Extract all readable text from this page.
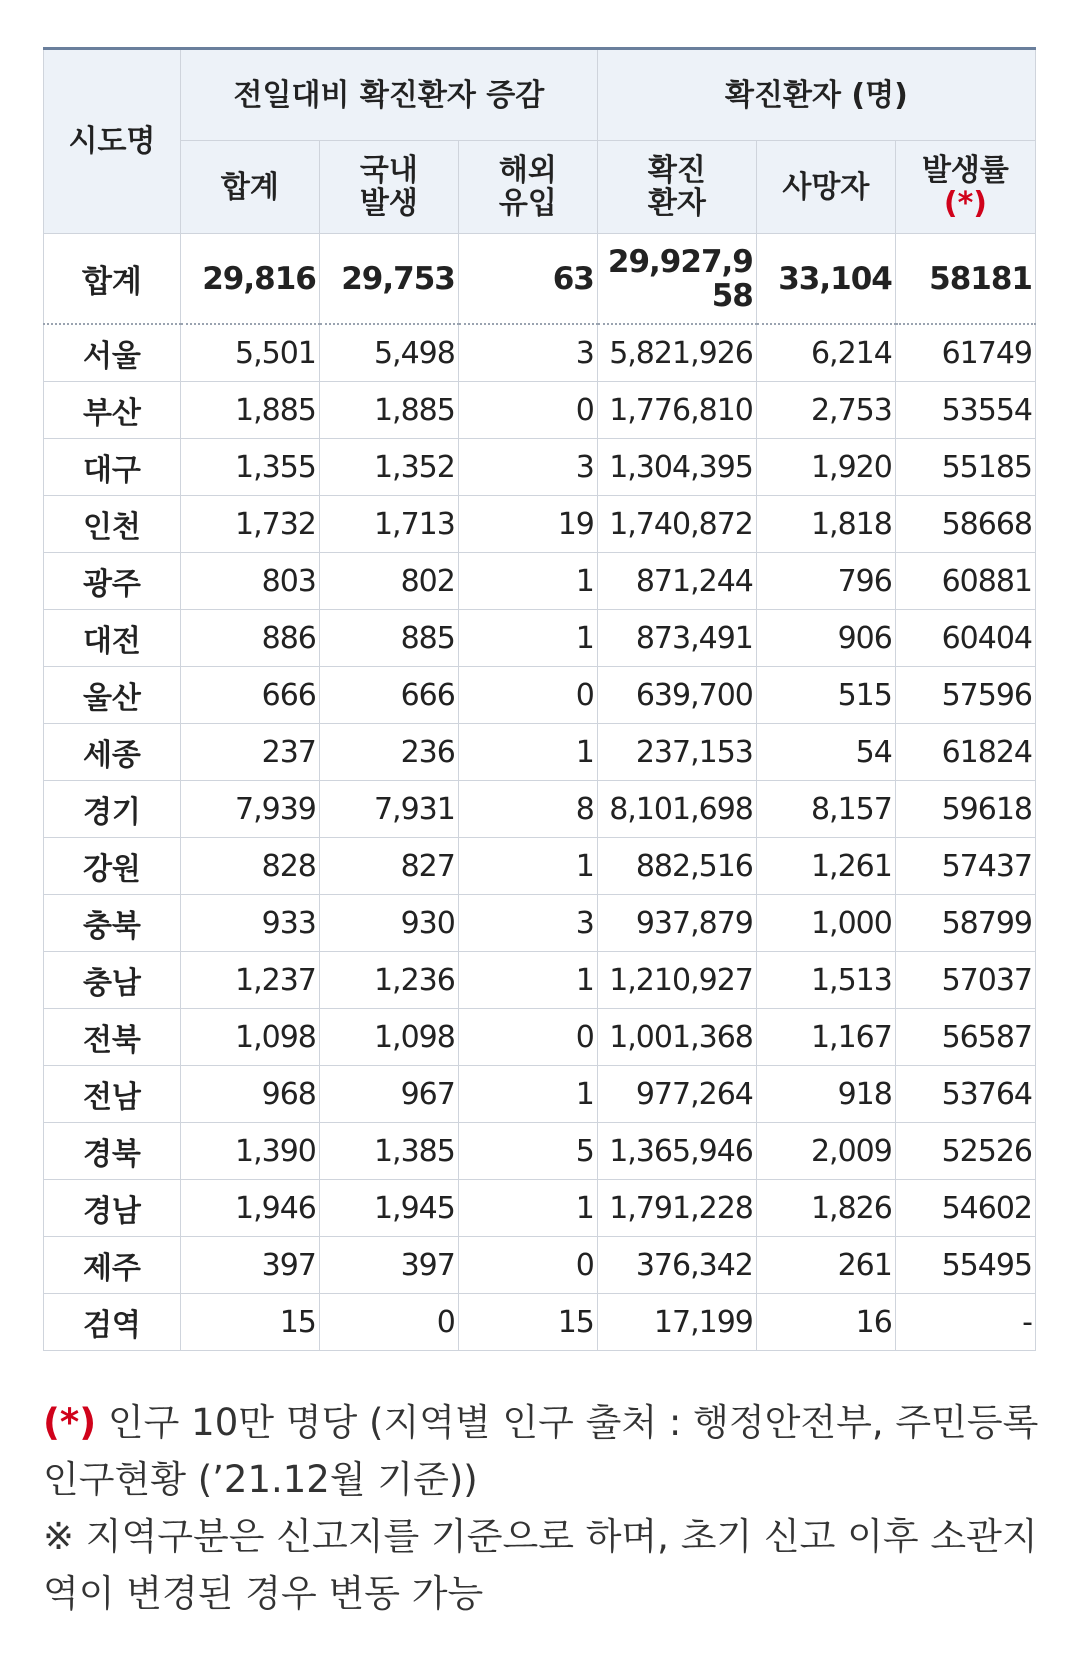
시도명	전일대비 확진환자 증감			확진환자 (명)		
	합계	국내 발생	해외 유입	확진 환자	사망자	발생률
(*)

합계	29,816	29,753	63	29,927,958	33,104	58181
서울	5,501	5,498	3	5,821,926	6,214	61749
부산	1,885	1,885	0	1,776,810	2,753	53554
대구	1,355	1,352	3	1,304,395	1,920	55185
인천	1,732	1,713	19	1,740,872	1,818	58668
광주	803	802	1	871,244	796	60881
대전	886	885	1	873,491	906	60404
울산	666	666	0	639,700	515	57596
세종	237	236	1	237,153	54	61824
경기	7,939	7,931	8	8,101,698	8,157	59618
강원	828	827	1	882,516	1,261	57437
충북	933	930	3	937,879	1,000	58799
충남	1,237	1,236	1	1,210,927	1,513	57037
전북	1,098	1,098	0	1,001,368	1,167	56587
전남	968	967	1	977,264	918	53764
경북	1,390	1,385	5	1,365,946	2,009	52526
경남	1,946	1,945	1	1,791,228	1,826	54602
제주	397	397	0	376,342	261	55495
검역	15	0	15	17,199	16	-

(*) 인구 10만 명당 (지역별 인구 출처 : 행정안전부, 주민등록인구현황 (’21.12월 기준))

※ 지역구분은 신고지를 기준으로 하며, 초기 신고 이후 소관지역이 변경된 경우 변동 가능
